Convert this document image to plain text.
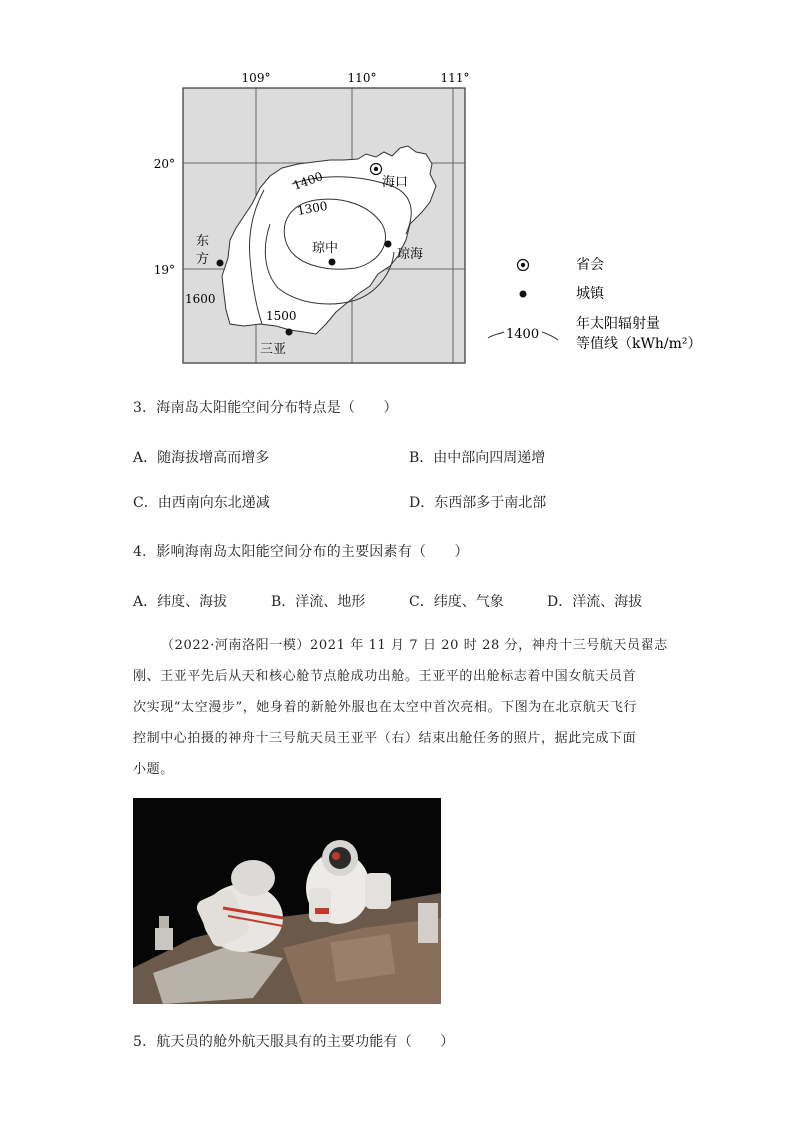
109°	110°	111°
20°
19°
1400
1300
1500
1600
海口
琼中	琼海
东
方
三亚
省会
城镇
1400
年太阳辐射量
等值线（kWh/m²）
3．海南岛太阳能空间分布特点是（　　）
A．随海拔增高而增多	B．由中部向四周递增
C．由西南向东北递减	D．东西部多于南北部
4．影响海南岛太阳能空间分布的主要因素有（　　）
A．纬度、海拔	B．洋流、地形	C．纬度、气象	D．洋流、海拔
（2022·河南洛阳一模）2021 年 11 月 7 日 20 时 28 分，神舟十三号航天员翟志
刚、王亚平先后从天和核心舱节点舱成功出舱。王亚平的出舱标志着中国女航天员首
次实现“太空漫步”，她身着的新舱外服也在太空中首次亮相。下图为在北京航天飞行
控制中心拍摄的神舟十三号航天员王亚平（右）结束出舱任务的照片，据此完成下面
小题。
5．航天员的舱外航天服具有的主要功能有（　　）
